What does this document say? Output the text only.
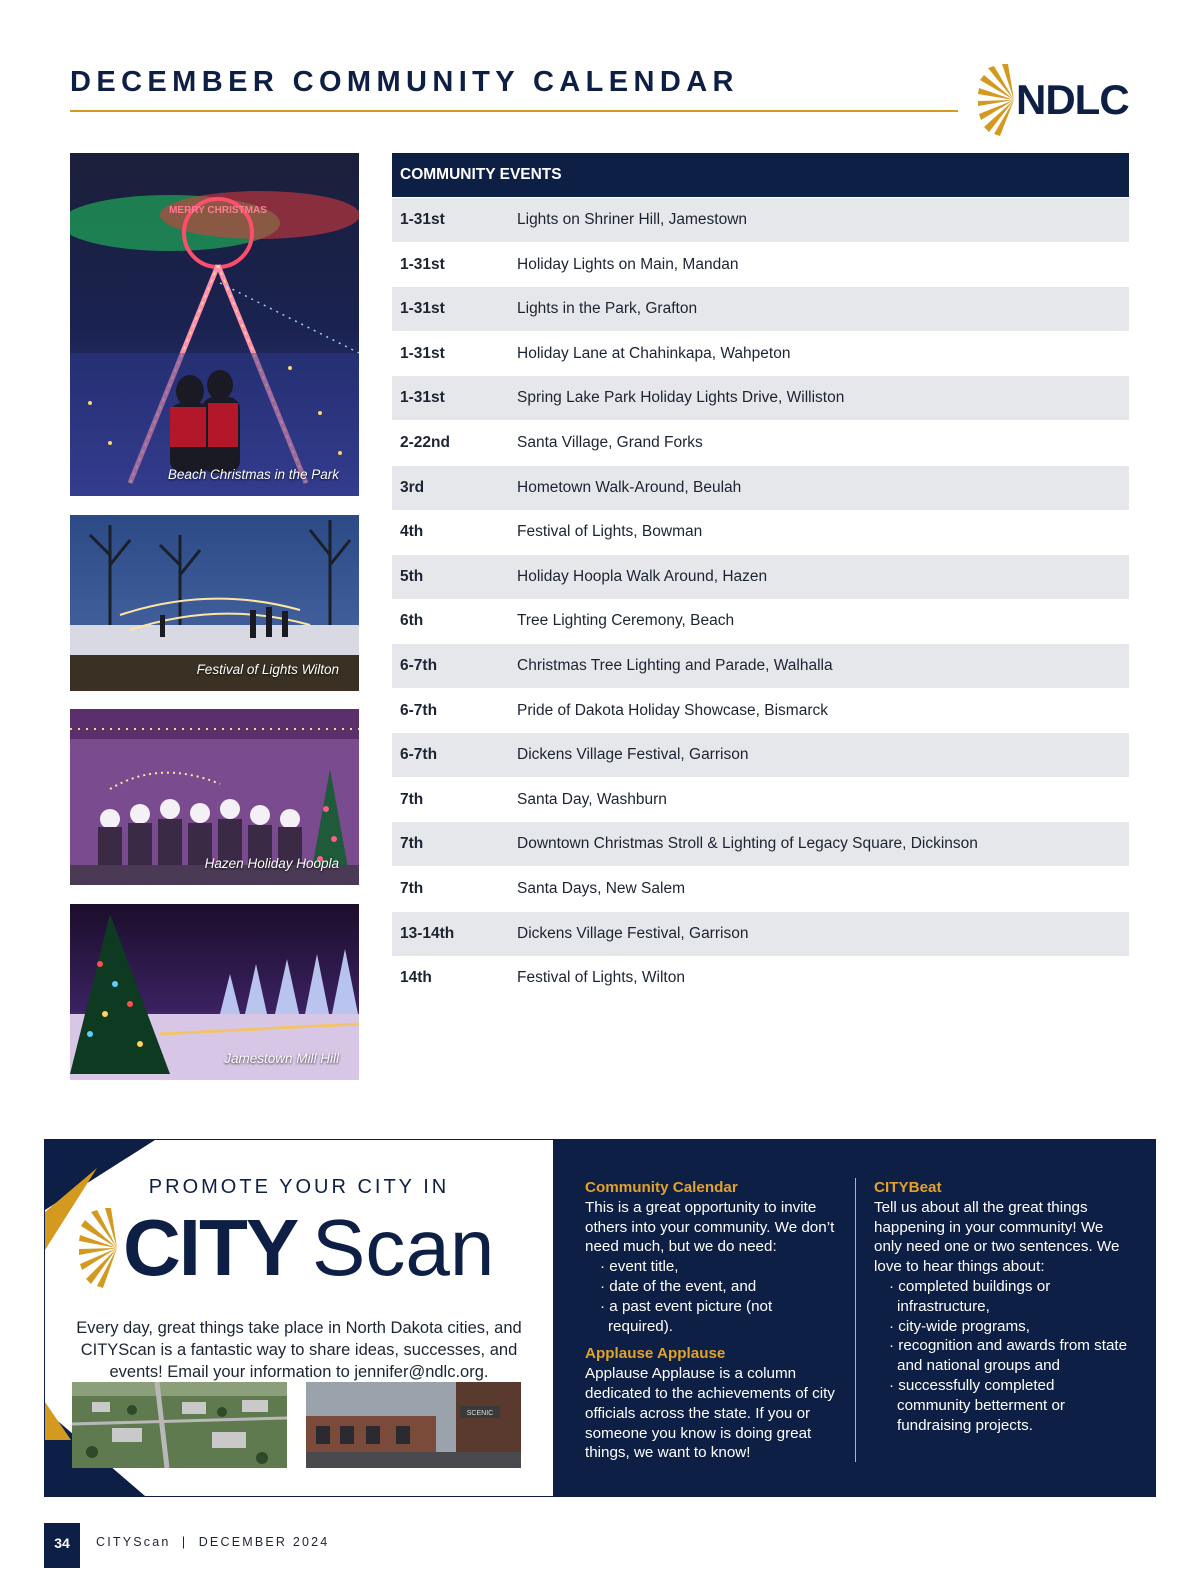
DECEMBER COMMUNITY CALENDAR	NDLC
MERRY CHRISTMAS
Beach Christmas in the Park
Festival of Lights Wilton
Hazen Holiday Hoopla
Jamestown Mill Hill
COMMUNITY EVENTS
1-31st	Lights on Shriner Hill, Jamestown
1-31st	Holiday Lights on Main, Mandan
1-31st	Lights in the Park, Grafton
1-31st	Holiday Lane at Chahinkapa, Wahpeton
1-31st	Spring Lake Park Holiday Lights Drive, Williston
2-22nd	Santa Village, Grand Forks
3rd	Hometown Walk-Around, Beulah
4th	Festival of Lights, Bowman
5th	Holiday Hoopla Walk Around, Hazen
6th	Tree Lighting Ceremony, Beach
6-7th	Christmas Tree Lighting and Parade, Walhalla
6-7th	Pride of Dakota Holiday Showcase, Bismarck
6-7th	Dickens Village Festival, Garrison
7th	Santa Day, Washburn
7th	Downtown Christmas Stroll & Lighting of Legacy Square, Dickinson
7th	Santa Days, New Salem
13-14th	Dickens Village Festival, Garrison
14th	Festival of Lights, Wilton
PROMOTE YOUR CITY IN
CITY Scan

Every day, great things take place in North Dakota cities, and CITYScan is a fantastic way to share ideas, successes, and events! Email your information to jennifer@ndlc.org.

SCENIC
Community Calendar

This is a great opportunity to invite others into your community. We don’t need much, but we do need:

· event title,
· date of the event, and
· a past event picture (not required).
Applause Applause

Applause Applause is a column dedicated to the achievements of city officials across the state. If you or someone you know is doing great things, we want to know!

CITYBeat

Tell us about all the great things happening in your community! We only need one or two sentences. We love to hear things about:

· completed buildings or infrastructure,
· city-wide programs,
· recognition and awards from state and national groups and
· successfully completed community betterment or fundraising projects.
34	CITYScan  |  DECEMBER 2024
